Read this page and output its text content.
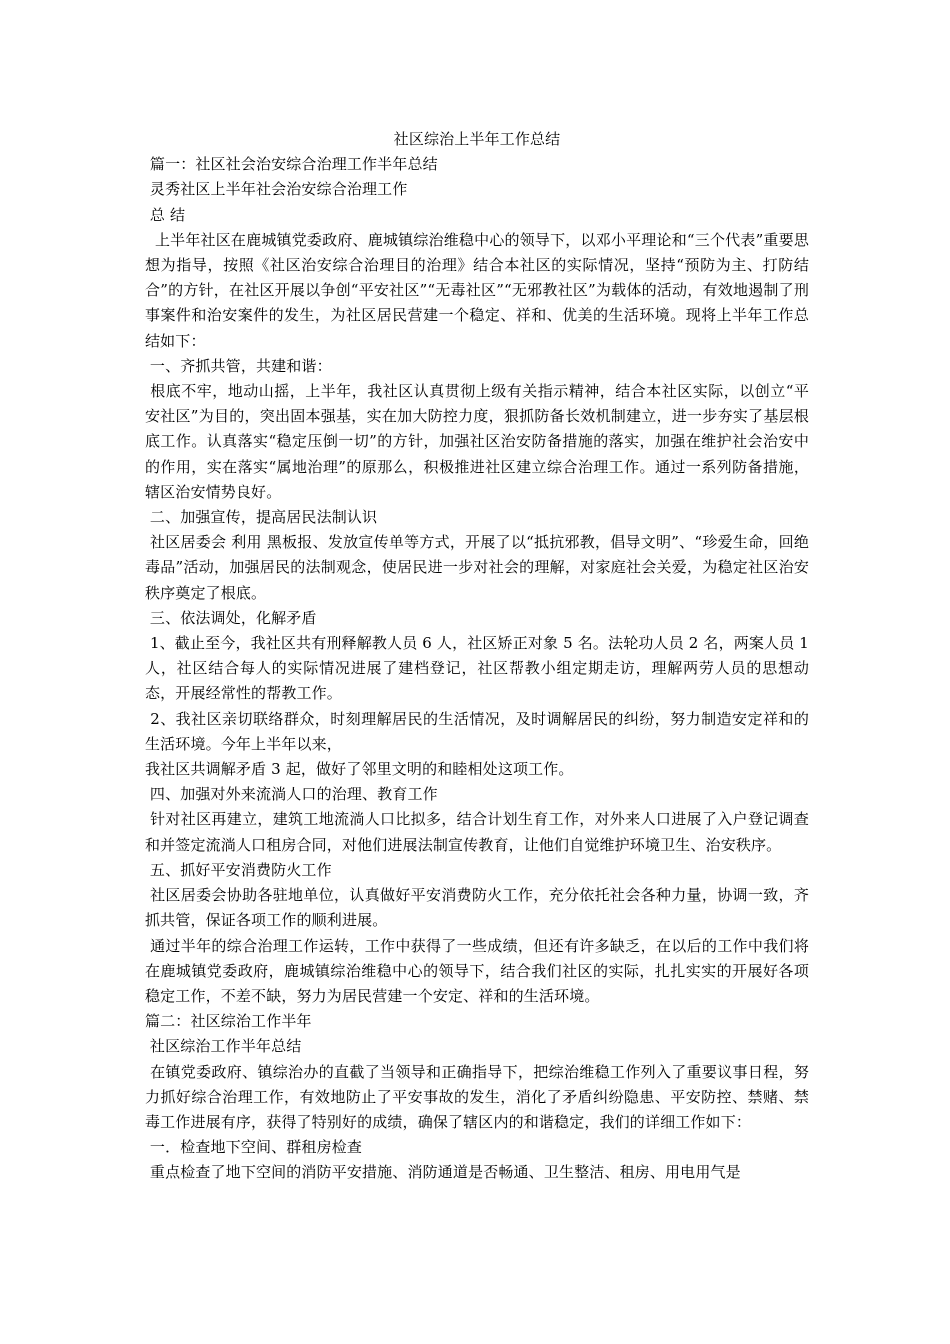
社区综治上半年工作总结
篇一：社区社会治安综合治理工作半年总结
灵秀社区上半年社会治安综合治理工作
总 结
上半年社区在鹿城镇党委政府、鹿城镇综治维稳中心的领导下，以邓小平理论和“三个代表”重要思想为指导，按照《社区治安综合治理目的治理》结合本社区的实际情况，坚持“预防为主、打防结合”的方针，在社区开展以争创“平安社区”“无毒社区”“无邪教社区”为载体的活动，有效地遏制了刑事案件和治安案件的发生，为社区居民营建一个稳定、祥和、优美的生活环境。现将上半年工作总结如下：
一、齐抓共管，共建和谐：
根底不牢，地动山摇，上半年，我社区认真贯彻上级有关指示精神，结合本社区实际，以创立“平安社区”为目的，突出固本强基，实在加大防控力度，狠抓防备长效机制建立，进一步夯实了基层根底工作。认真落实“稳定压倒一切”的方针，加强社区治安防备措施的落实，加强在维护社会治安中的作用，实在落实“属地治理”的原那么，积极推进社区建立综合治理工作。通过一系列防备措施，辖区治安情势良好。
二、加强宣传，提高居民法制认识
社区居委会 利用 黑板报、发放宣传单等方式，开展了以“抵抗邪教，倡导文明”、“珍爱生命，回绝毒品”活动，加强居民的法制观念，使居民进一步对社会的理解，对家庭社会关爱，为稳定社区治安秩序奠定了根底。
三、依法调处，化解矛盾
1、截止至今，我社区共有刑释解教人员 6 人，社区矫正对象 5 名。法轮功人员 2 名，两案人员 1 人，社区结合每人的实际情况进展了建档登记，社区帮教小组定期走访，理解两劳人员的思想动态，开展经常性的帮教工作。
2、我社区亲切联络群众，时刻理解居民的生活情况，及时调解居民的纠纷，努力制造安定祥和的生活环境。今年上半年以来，
我社区共调解矛盾 3 起，做好了邻里文明的和睦相处这项工作。
四、加强对外来流淌人口的治理、教育工作
针对社区再建立，建筑工地流淌人口比拟多，结合计划生育工作，对外来人口进展了入户登记调查和并签定流淌人口租房合同，对他们进展法制宣传教育，让他们自觉维护环境卫生、治安秩序。
五、抓好平安消费防火工作
社区居委会协助各驻地单位，认真做好平安消费防火工作，充分依托社会各种力量，协调一致，齐抓共管，保证各项工作的顺利进展。
通过半年的综合治理工作运转，工作中获得了一些成绩，但还有许多缺乏，在以后的工作中我们将在鹿城镇党委政府，鹿城镇综治维稳中心的领导下，结合我们社区的实际，扎扎实实的开展好各项稳定工作，不差不缺，努力为居民营建一个安定、祥和的生活环境。
篇二：社区综治工作半年
社区综治工作半年总结
在镇党委政府、镇综治办的直截了当领导和正确指导下，把综治维稳工作列入了重要议事日程，努力抓好综合治理工作，有效地防止了平安事故的发生，消化了矛盾纠纷隐患、平安防控、禁赌、禁毒工作进展有序，获得了特别好的成绩，确保了辖区内的和谐稳定，我们的详细工作如下：
一．检查地下空间、群租房检查
重点检查了地下空间的消防平安措施、消防通道是否畅通、卫生整洁、租房、用电用气是
